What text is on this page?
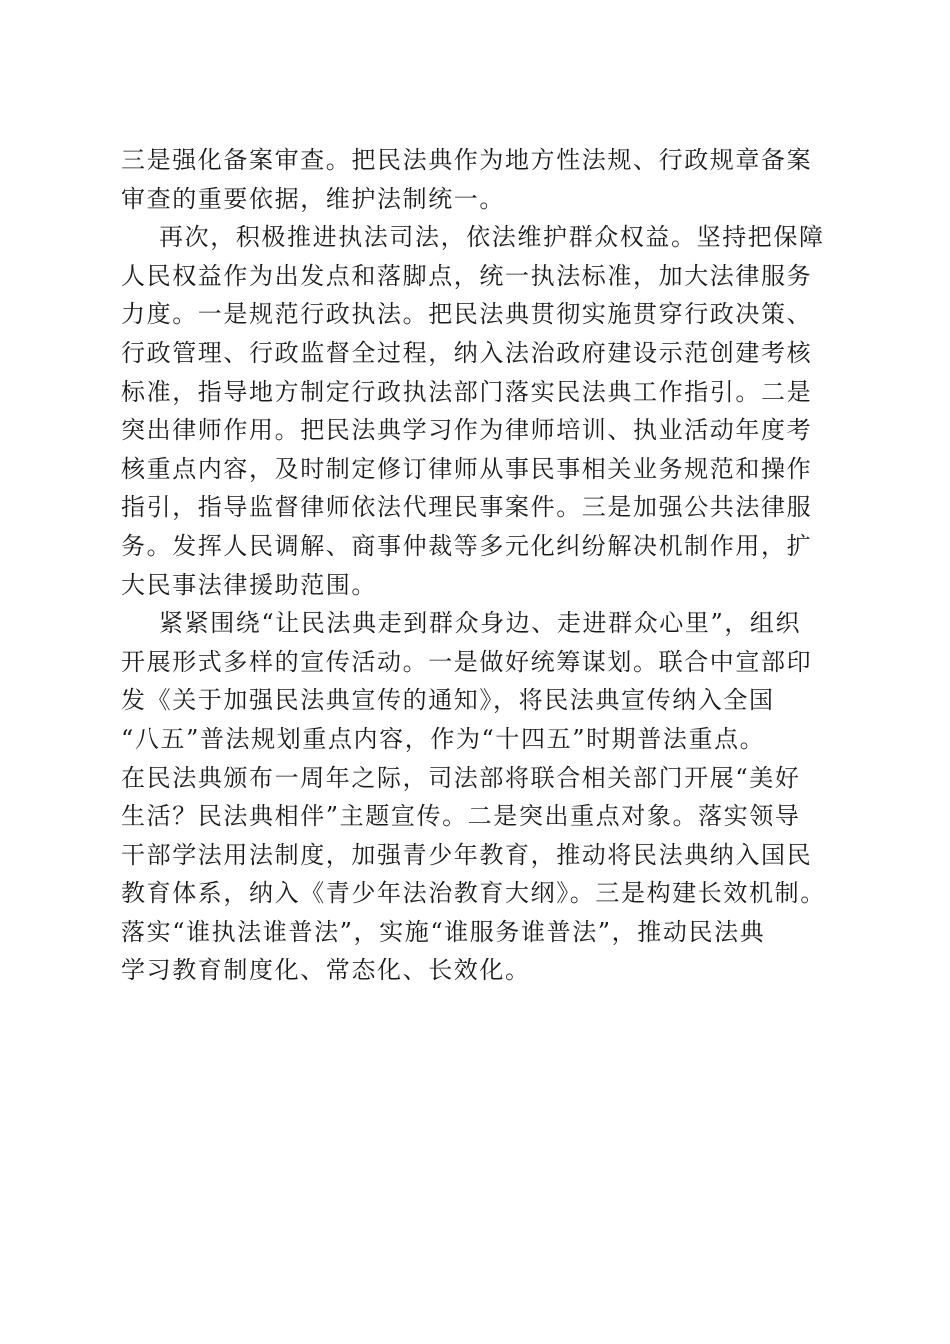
三是强化备案审查。把民法典作为地方性法规、行政规章备案
审查的重要依据，维护法制统一。
再次，积极推进执法司法，依法维护群众权益。坚持把保障
人民权益作为出发点和落脚点，统一执法标准，加大法律服务
力度。一是规范行政执法。把民法典贯彻实施贯穿行政决策、
行政管理、行政监督全过程，纳入法治政府建设示范创建考核
标准，指导地方制定行政执法部门落实民法典工作指引。二是
突出律师作用。把民法典学习作为律师培训、执业活动年度考
核重点内容，及时制定修订律师从事民事相关业务规范和操作
指引，指导监督律师依法代理民事案件。三是加强公共法律服
务。发挥人民调解、商事仲裁等多元化纠纷解决机制作用，扩
大民事法律援助范围。
紧紧围绕“让民法典走到群众身边、走进群众心里”，组织
开展形式多样的宣传活动。一是做好统筹谋划。联合中宣部印
发《关于加强民法典宣传的通知》，将民法典宣传纳入全国
“八五”普法规划重点内容，作为“十四五”时期普法重点。
在民法典颁布一周年之际，司法部将联合相关部门开展“美好
生活？民法典相伴”主题宣传。二是突出重点对象。落实领导
干部学法用法制度，加强青少年教育，推动将民法典纳入国民
教育体系，纳入《青少年法治教育大纲》。三是构建长效机制。
落实“谁执法谁普法”，实施“谁服务谁普法”，推动民法典
学习教育制度化、常态化、长效化。
